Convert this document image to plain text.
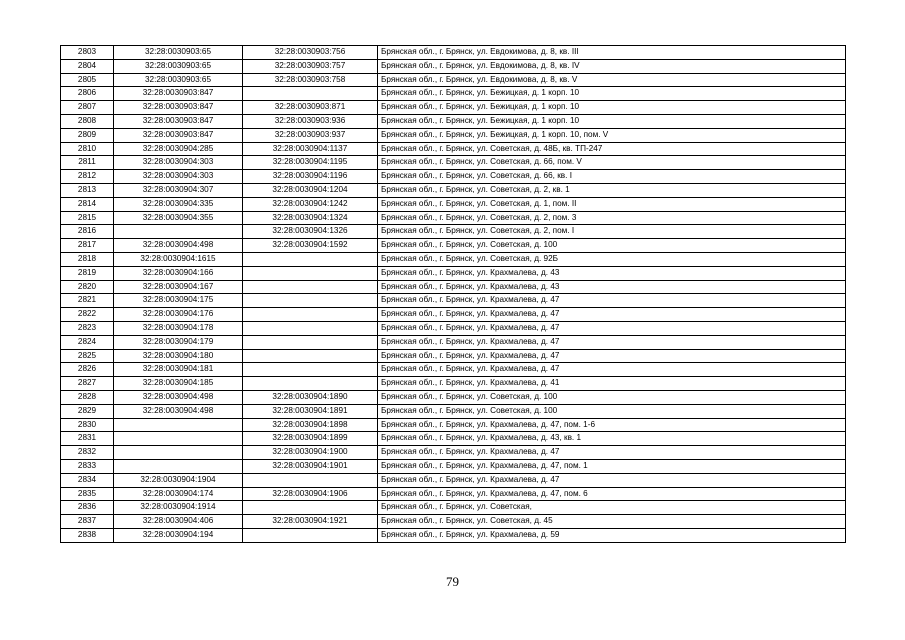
2803	32:28:0030903:65	32:28:0030903:756	Брянская обл., г. Брянск, ул. Евдокимова, д. 8, кв. III
2804	32:28:0030903:65	32:28:0030903:757	Брянская обл., г. Брянск, ул. Евдокимова, д. 8, кв. IV
2805	32:28:0030903:65	32:28:0030903:758	Брянская обл., г. Брянск, ул. Евдокимова, д. 8, кв. V
2806	32:28:0030903:847		Брянская обл., г. Брянск, ул. Бежицкая, д. 1 корп. 10
2807	32:28:0030903:847	32:28:0030903:871	Брянская обл., г. Брянск, ул. Бежицкая, д. 1 корп. 10
2808	32:28:0030903:847	32:28:0030903:936	Брянская обл., г. Брянск, ул. Бежицкая, д. 1 корп. 10
2809	32:28:0030903:847	32:28:0030903:937	Брянская обл., г. Брянск, ул. Бежицкая, д. 1 корп. 10, пом. V
2810	32:28:0030904:285	32:28:0030904:1137	Брянская обл., г. Брянск, ул. Советская, д. 48Б, кв. ТП-247
2811	32:28:0030904:303	32:28:0030904:1195	Брянская обл., г. Брянск, ул. Советская, д. 66, пом. V
2812	32:28:0030904:303	32:28:0030904:1196	Брянская обл., г. Брянск, ул. Советская, д. 66, кв. I
2813	32:28:0030904:307	32:28:0030904:1204	Брянская обл., г. Брянск, ул. Советская, д. 2, кв. 1
2814	32:28:0030904:335	32:28:0030904:1242	Брянская обл., г. Брянск, ул. Советская, д. 1, пом. II
2815	32:28:0030904:355	32:28:0030904:1324	Брянская обл., г. Брянск, ул. Советская, д. 2, пом. 3
2816		32:28:0030904:1326	Брянская обл., г. Брянск, ул. Советская, д. 2, пом. I
2817	32:28:0030904:498	32:28:0030904:1592	Брянская обл., г. Брянск, ул. Советская, д. 100
2818	32:28:0030904:1615		Брянская обл., г. Брянск, ул. Советская, д. 92Б
2819	32:28:0030904:166		Брянская обл., г. Брянск, ул. Крахмалева, д. 43
2820	32:28:0030904:167		Брянская обл., г. Брянск, ул. Крахмалева, д. 43
2821	32:28:0030904:175		Брянская обл., г. Брянск, ул. Крахмалева, д. 47
2822	32:28:0030904:176		Брянская обл., г. Брянск, ул. Крахмалева, д. 47
2823	32:28:0030904:178		Брянская обл., г. Брянск, ул. Крахмалева, д. 47
2824	32:28:0030904:179		Брянская обл., г. Брянск, ул. Крахмалева, д. 47
2825	32:28:0030904:180		Брянская обл., г. Брянск, ул. Крахмалева, д. 47
2826	32:28:0030904:181		Брянская обл., г. Брянск, ул. Крахмалева, д. 47
2827	32:28:0030904:185		Брянская обл., г. Брянск, ул. Крахмалева, д. 41
2828	32:28:0030904:498	32:28:0030904:1890	Брянская обл., г. Брянск, ул. Советская, д. 100
2829	32:28:0030904:498	32:28:0030904:1891	Брянская обл., г. Брянск, ул. Советская, д. 100
2830		32:28:0030904:1898	Брянская обл., г. Брянск, ул. Крахмалева, д. 47, пом. 1-6
2831		32:28:0030904:1899	Брянская обл., г. Брянск, ул. Крахмалева, д. 43, кв. 1
2832		32:28:0030904:1900	Брянская обл., г. Брянск, ул. Крахмалева, д. 47
2833		32:28:0030904:1901	Брянская обл., г. Брянск, ул. Крахмалева, д. 47, пом. 1
2834	32:28:0030904:1904		Брянская обл., г. Брянск, ул. Крахмалева, д. 47
2835	32:28:0030904:174	32:28:0030904:1906	Брянская обл., г. Брянск, ул. Крахмалева, д. 47, пом. 6
2836	32:28:0030904:1914		Брянская обл., г. Брянск, ул. Советская,
2837	32:28:0030904:406	32:28:0030904:1921	Брянская обл., г. Брянск, ул. Советская, д. 45
2838	32:28:0030904:194		Брянская обл., г. Брянск, ул. Крахмалева, д. 59
79
